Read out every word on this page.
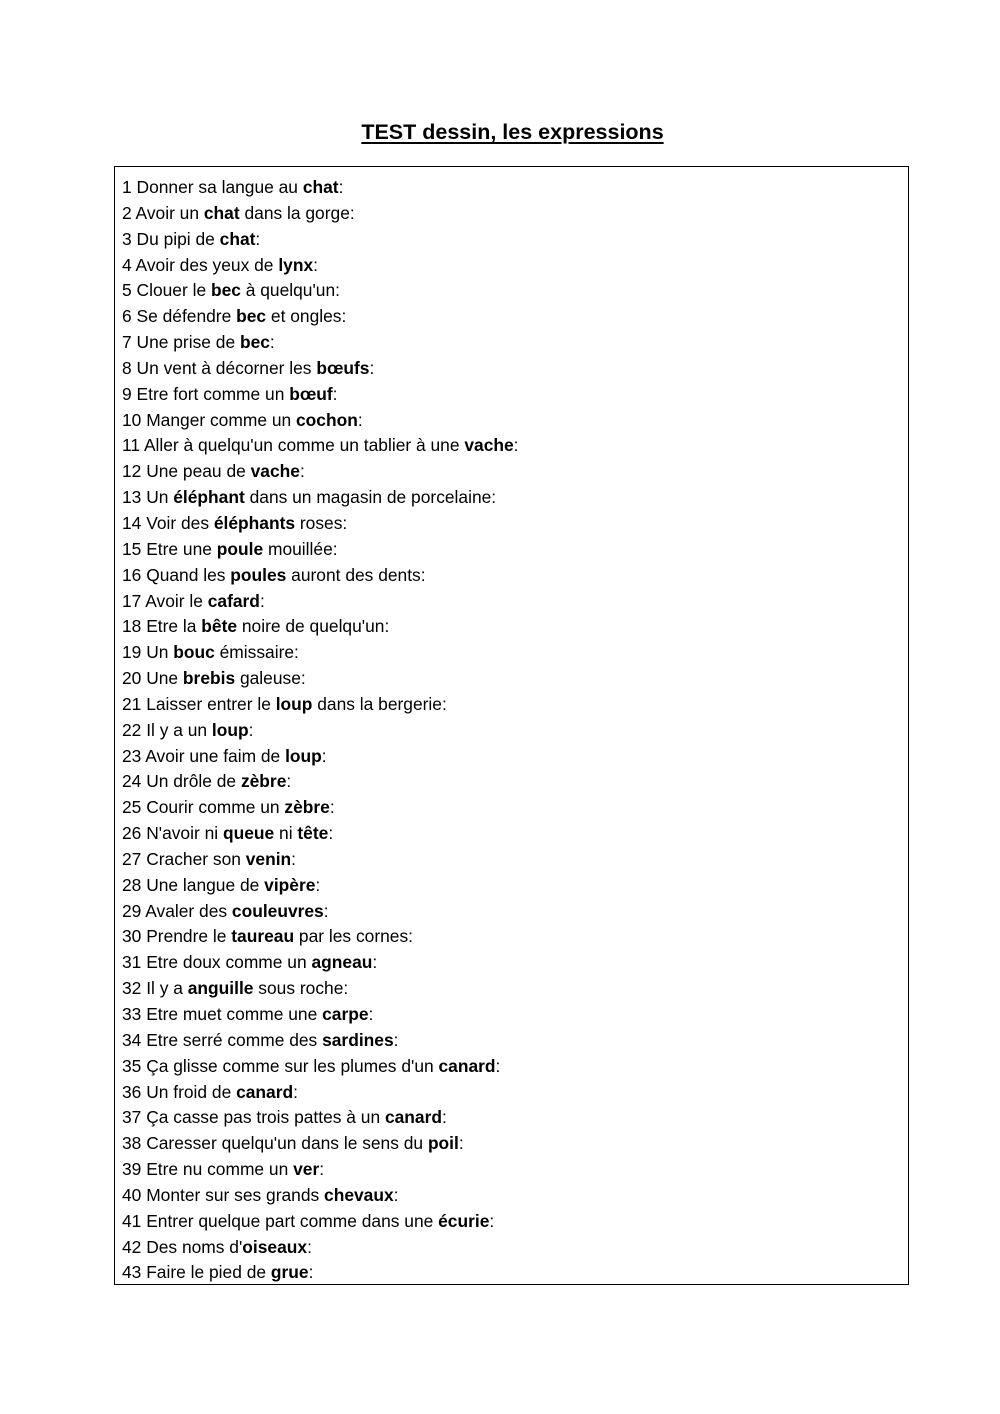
TEST dessin, les expressions
1 Donner sa langue au chat:
2 Avoir un chat dans la gorge:
3 Du pipi de chat:
4 Avoir des yeux de lynx:
5 Clouer le bec à quelqu'un:
6 Se défendre bec et ongles:
7 Une prise de bec:
8 Un vent à décorner les bœufs:
9 Etre fort comme un bœuf:
10 Manger comme un cochon:
11 Aller à quelqu'un comme un tablier à une vache:
12 Une peau de vache:
13 Un éléphant dans un magasin de porcelaine:
14 Voir des éléphants roses:
15 Etre une poule mouillée:
16 Quand les poules auront des dents:
17 Avoir le cafard:
18 Etre la bête noire de quelqu'un:
19 Un bouc émissaire:
20 Une brebis galeuse:
21 Laisser entrer le loup dans la bergerie:
22 Il y a un loup:
23 Avoir une faim de loup:
24 Un drôle de zèbre:
25 Courir comme un zèbre:
26 N'avoir ni queue ni tête:
27 Cracher son venin:
28 Une langue de vipère:
29 Avaler des couleuvres:
30 Prendre le taureau par les cornes:
31 Etre doux comme un agneau:
32 Il y a anguille sous roche:
33 Etre muet comme une carpe:
34 Etre serré comme des sardines:
35 Ça glisse comme sur les plumes d'un canard:
36 Un froid de canard:
37 Ça casse pas trois pattes à un canard:
38 Caresser quelqu'un dans le sens du poil:
39 Etre nu comme un ver:
40 Monter sur ses grands chevaux:
41 Entrer quelque part comme dans une écurie:
42 Des noms d'oiseaux:
43 Faire le pied de grue:
